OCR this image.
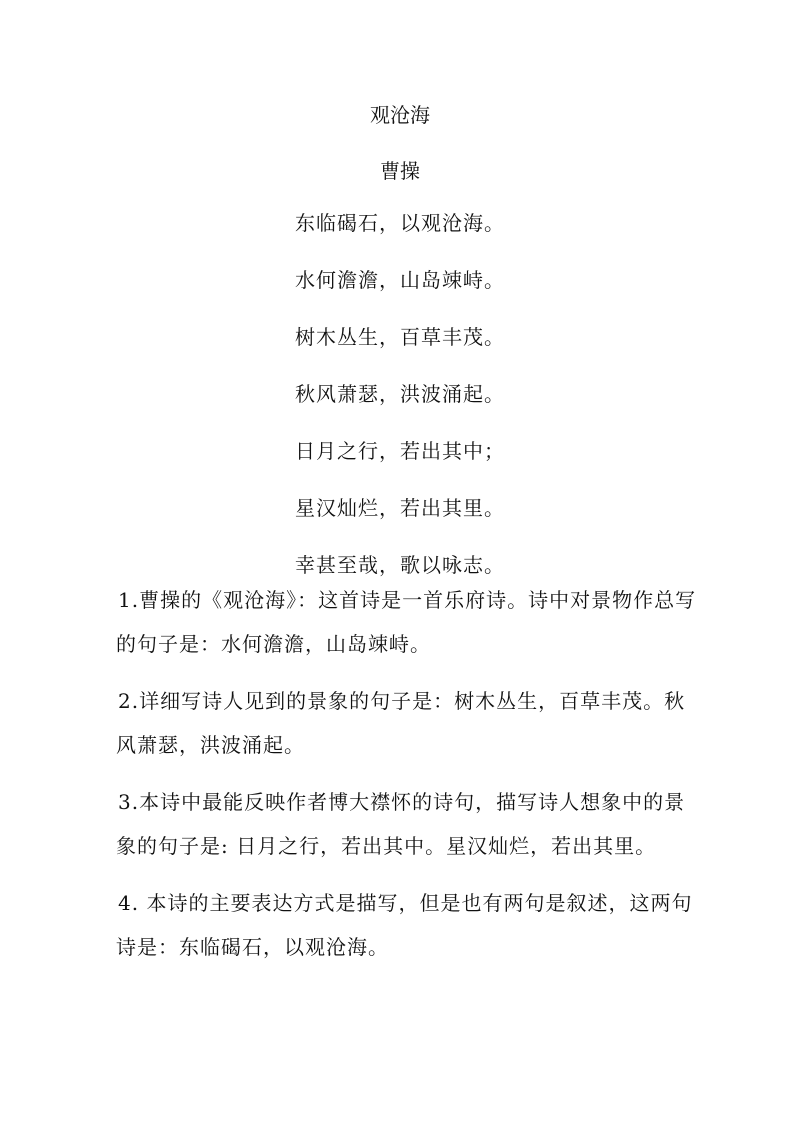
观沧海
曹操
东临碣石，以观沧海。
水何澹澹，山岛竦峙。
树木丛生，百草丰茂。
秋风萧瑟，洪波涌起。
日月之行，若出其中；
星汉灿烂，若出其里。
幸甚至哉，歌以咏志。
1.曹操的《观沧海》：这首诗是一首乐府诗。诗中对景物作总写的句子是：水何澹澹，山岛竦峙。
2.详细写诗人见到的景象的句子是：树木丛生，百草丰茂。秋风萧瑟，洪波涌起。
3.本诗中最能反映作者博大襟怀的诗句，描写诗人想象中的景象的句子是: 日月之行，若出其中。星汉灿烂，若出其里。
4. 本诗的主要表达方式是描写，但是也有两句是叙述，这两句诗是：东临碣石，以观沧海。
